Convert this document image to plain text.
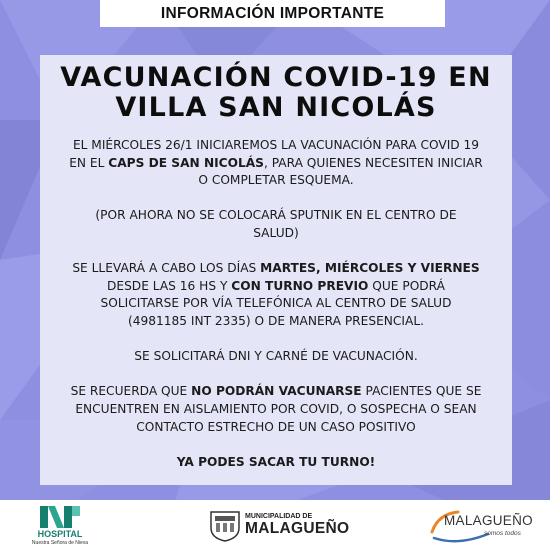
INFORMACIÓN IMPORTANTE
VACUNACIÓN COVID-19 EN
VILLA SAN NICOLÁS

EL MIÉRCOLES 26/1 INICIAREMOS LA VACUNACIÓN PARA COVID 19
EN EL CAPS DE SAN NICOLÁS, PARA QUIENES NECESITEN INICIAR
O COMPLETAR ESQUEMA.

(POR AHORA NO SE COLOCARÁ SPUTNIK EN EL CENTRO DE
SALUD)

SE LLEVARÁ A CABO LOS DÍAS MARTES, MIÉRCOLES Y VIERNES
DESDE LAS 16 HS Y CON TURNO PREVIO QUE PODRÁ
SOLICITARSE POR VÍA TELEFÓNICA AL CENTRO DE SALUD
(4981185 INT 2335) O DE MANERA PRESENCIAL.

SE SOLICITARÁ DNI Y CARNÉ DE VACUNACIÓN.

SE RECUERDA QUE NO PODRÁN VACUNARSE PACIENTES QUE SE
ENCUENTREN EN AISLAMIENTO POR COVID, O SOSPECHA O SEAN
CONTACTO ESTRECHO DE UN CASO POSITIVO

YA PODES SACAR TU TURNO!

HOSPITAL
Nuestra Señora de Nieva
MUNICIPALIDAD DE
MALAGUEÑO	MALAGUEÑO
somos todos
